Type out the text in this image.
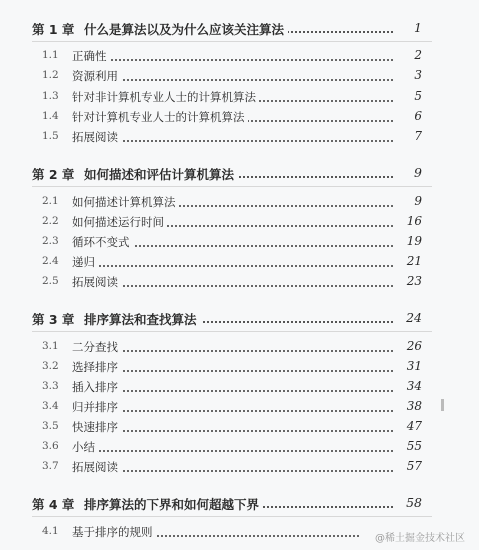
第 1 章 什么是算法以及为什么应该关注算法	1
1.1 正确性	2
1.2 资源利用	3
1.3 针对非计算机专业人士的计算机算法	5
1.4 针对计算机专业人士的计算机算法	6
1.5 拓展阅读	7
第 2 章 如何描述和评估计算机算法	9
2.1 如何描述计算机算法	9
2.2 如何描述运行时间	16
2.3 循环不变式	19
2.4 递归	21
2.5 拓展阅读	23
第 3 章 排序算法和查找算法	24
3.1 二分查找	26
3.2 选择排序	31
3.3 插入排序	34
3.4 归并排序	38
3.5 快速排序	47
3.6 小结	55
3.7 拓展阅读	57
第 4 章 排序算法的下界和如何超越下界	58
4.1 基于排序的规则	@稀土掘金技术社区
